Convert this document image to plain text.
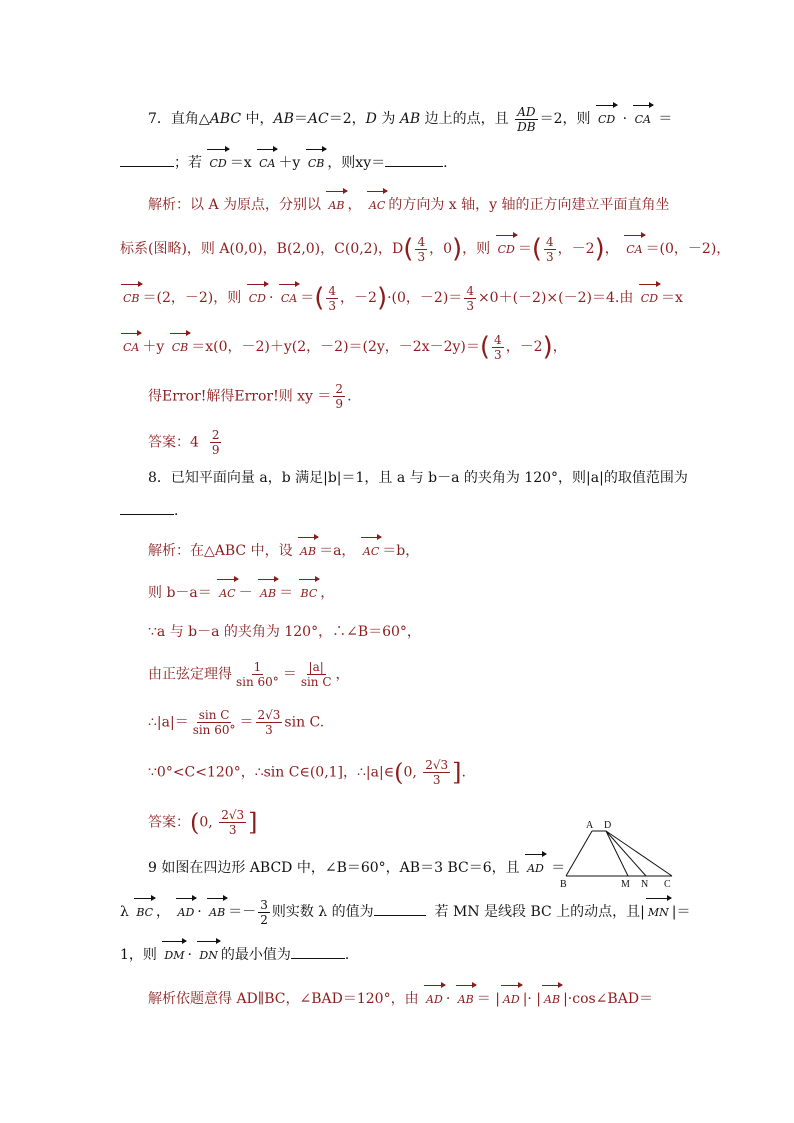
7．直角△ABC 中，AB＝AC＝2，D 为 AB 边上的点，且 $\frac{AD}{DB} =2$，则 CD · CA ＝
；若 CD ＝x CA ＋y CB ，则xy＝	.
解析：以 A 为原点，分别以 AB ， AC 的方向为 x 轴，y 轴的正方向建立平面直角坐
标系(图略)，则 A(0,0)，B(2,0)，C(0,2)，$D( \frac{4}{3}$ ，0)，则 CD ＝( $\frac{4}{3}$ ，－2)， CA ＝(0，－2)，
CB ＝(2，－2)，则 CD · CA ＝( $\frac{4}{3}$ ，－2)·(0，$-2)= \frac{4}{3} \times 0+(-2)\times(-2)=4$.由 CD ＝x
CA ＋y CB ＝x(0，－2)＋y(2，－2)＝(2y，$-2x-2y)=( \frac{4}{3}$ ，－2)，
得Error!解得Error!则 xy ＝ $\frac{2}{9}$ .
答案：$4 \frac{2}{9}$
8．已知平面向量 a，b 满足|b|＝1，且 a 与 b－a 的夹角为 120°，则|a|的取值范围为
．
解析：在△ABC 中，设 AB ＝a， AC ＝b，
则 b－a＝ AC － AB ＝ BC ，
∵a 与 b－a 的夹角为 120°，∴∠B＝60°，
由正弦定理得 $\frac{1}{\sin 60^\circ} = \frac{|a|}{\text{sin C}}$ ，
∴|a|＝ $\frac{\text{sin C}}{\sin 60^\circ} = \frac{2√3}{3}$ sin C.
∵0°<C<120°，∴sin C∈(0,1]，∴|a|∈(0, $\frac{2√3}{3}$ ].
答案：(0, $\frac{2√3}{3}$ ]	A D
B	M N C
9 如图在四边形 ABCD 中，∠B＝60°，AB＝3 BC＝6，且 AD ＝
λ BC ， AD · AB ＝－ $\frac{3}{2}$ 则实数 λ 的值为	若 MN 是线段 BC 上的动点，且| MN |＝
1，则 DM · DN 的最小值为	．
解析依题意得 AD∥BC，∠BAD＝120°，由 AD · AB ＝ | AD |· | AB |·cos∠BAD＝
